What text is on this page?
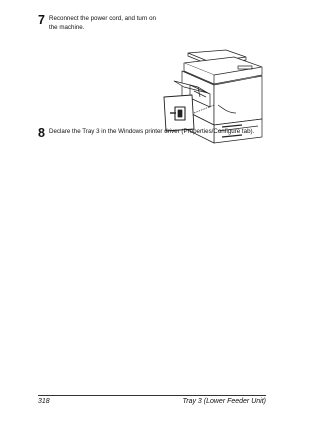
7 Reconnect the power cord, and turn on the machine.
8 Declare the Tray 3 in the Windows printer driver (Properties/Configure tab).
318	Tray 3 (Lower Feeder Unit)
